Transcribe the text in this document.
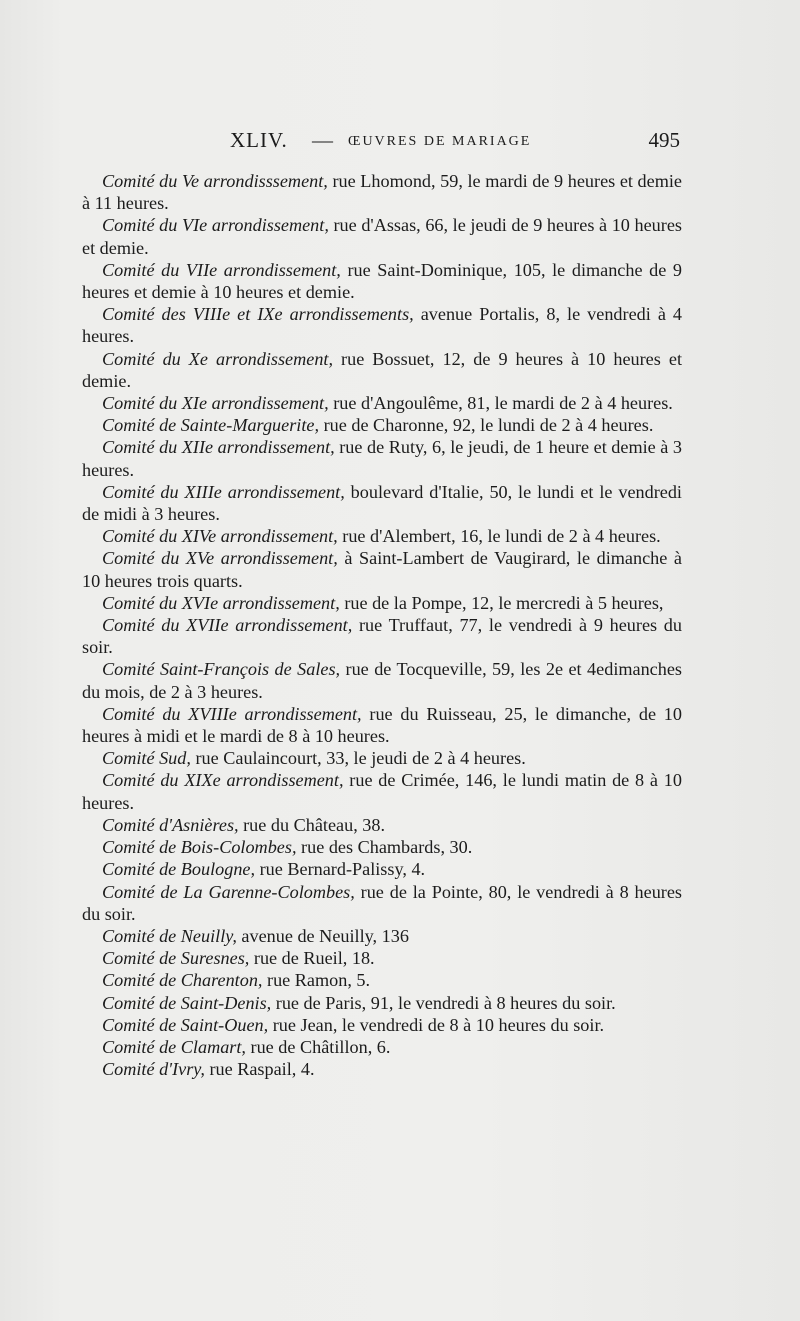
XLIV. — ŒUVRES DE MARIAGE	495

Comité du Ve arrondisssement, rue Lhomond, 59, le mardi de 9 heures et demie à 11 heures.

Comité du VIe arrondissement, rue d'Assas, 66, le jeudi de 9 heures à 10 heures et demie.

Comité du VIIe arrondissement, rue Saint-Dominique, 105, le dimanche de 9 heures et demie à 10 heures et demie.

Comité des VIIIe et IXe arrondissements, avenue Portalis, 8, le vendredi à 4 heures.

Comité du Xe arrondissement, rue Bossuet, 12, de 9 heures à 10 heures et demie.

Comité du XIe arrondissement, rue d'Angoulême, 81, le mardi de 2 à 4 heures.

Comité de Sainte-Marguerite, rue de Charonne, 92, le lundi de 2 à 4 heures.

Comité du XIIe arrondissement, rue de Ruty, 6, le jeudi, de 1 heure et demie à 3 heures.

Comité du XIIIe arrondissement, boulevard d'Italie, 50, le lundi et le vendredi de midi à 3 heures.

Comité du XIVe arrondissement, rue d'Alembert, 16, le lundi de 2 à 4 heures.

Comité du XVe arrondissement, à Saint-Lambert de Vaugirard, le dimanche à 10 heures trois quarts.

Comité du XVIe arrondissement, rue de la Pompe, 12, le mercredi à 5 heures,

Comité du XVIIe arrondissement, rue Truffaut, 77, le vendredi à 9 heures du soir.

Comité Saint-François de Sales, rue de Tocqueville, 59, les 2e et 4edimanches du mois, de 2 à 3 heures.

Comité du XVIIIe arrondissement, rue du Ruisseau, 25, le dimanche, de 10 heures à midi et le mardi de 8 à 10 heures.

Comité Sud, rue Caulaincourt, 33, le jeudi de 2 à 4 heures.

Comité du XIXe arrondissement, rue de Crimée, 146, le lundi matin de 8 à 10 heures.

Comité d'Asnières, rue du Château, 38.

Comité de Bois-Colombes, rue des Chambards, 30.

Comité de Boulogne, rue Bernard-Palissy, 4.

Comité de La Garenne-Colombes, rue de la Pointe, 80, le vendredi à 8 heures du soir.

Comité de Neuilly, avenue de Neuilly, 136

Comité de Suresnes, rue de Rueil, 18.

Comité de Charenton, rue Ramon, 5.

Comité de Saint-Denis, rue de Paris, 91, le vendredi à 8 heures du soir.

Comité de Saint-Ouen, rue Jean, le vendredi de 8 à 10 heures du soir.

Comité de Clamart, rue de Châtillon, 6.

Comité d'Ivry, rue Raspail, 4.
